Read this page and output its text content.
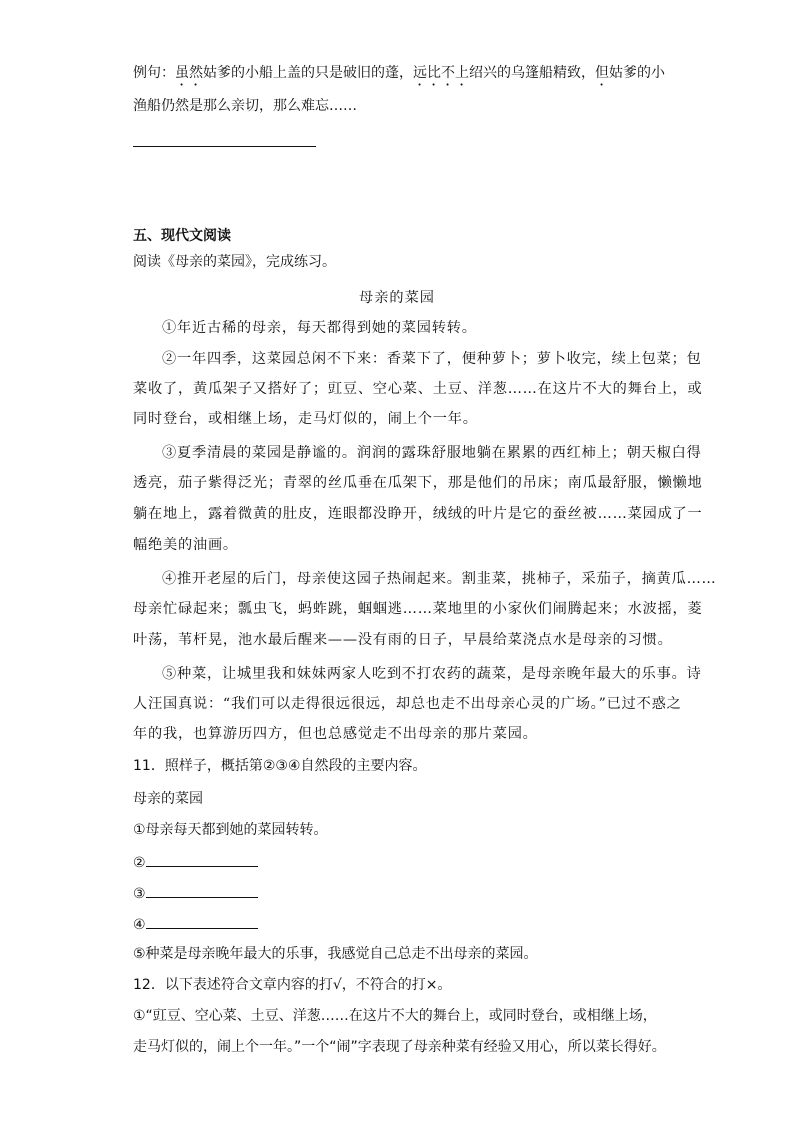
例句：虽然姑爹的小船上盖的只是破旧的蓬，远比不上绍兴的乌篷船精致，但姑爹的小
渔船仍然是那么亲切，那么难忘……
五、现代文阅读
阅读《母亲的菜园》，完成练习。
母亲的菜园
①年近古稀的母亲，每天都得到她的菜园转转。
②一年四季，这菜园总闲不下来：香菜下了，便种萝卜；萝卜收完，续上包菜；包
菜收了，黄瓜架子又搭好了；豇豆、空心菜、土豆、洋葱……在这片不大的舞台上，或
同时登台，或相继上场，走马灯似的，闹上个一年。
③夏季清晨的菜园是静谧的。润润的露珠舒服地躺在累累的西红柿上；朝天椒白得
透亮，茄子紫得泛光；青翠的丝瓜垂在瓜架下，那是他们的吊床；南瓜最舒服，懒懒地
躺在地上，露着微黄的肚皮，连眼都没睁开，绒绒的叶片是它的蚕丝被……菜园成了一
幅绝美的油画。
④推开老屋的后门，母亲使这园子热闹起来。割韭菜，挑柿子，采茄子，摘黄瓜……
母亲忙碌起来；瓢虫飞，蚂蚱跳，蝈蝈逃……菜地里的小家伙们闹腾起来；水波摇，菱
叶荡，苇杆晃，池水最后醒来——没有雨的日子，早晨给菜浇点水是母亲的习惯。
⑤种菜，让城里我和妹妹两家人吃到不打农药的蔬菜，是母亲晚年最大的乐事。诗
人汪国真说：“我们可以走得很远很远，却总也走不出母亲心灵的广场。”已过不惑之
年的我，也算游历四方，但也总感觉走不出母亲的那片菜园。
11．照样子，概括第②③④自然段的主要内容。
母亲的菜园
①母亲每天都到她的菜园转转。
②
③
④
⑤种菜是母亲晚年最大的乐事，我感觉自己总走不出母亲的菜园。
12．以下表述符合文章内容的打√，不符合的打×。
①“豇豆、空心菜、土豆、洋葱……在这片不大的舞台上，或同时登台，或相继上场，
走马灯似的，闹上个一年。”一个“闹”字表现了母亲种菜有经验又用心，所以菜长得好。
